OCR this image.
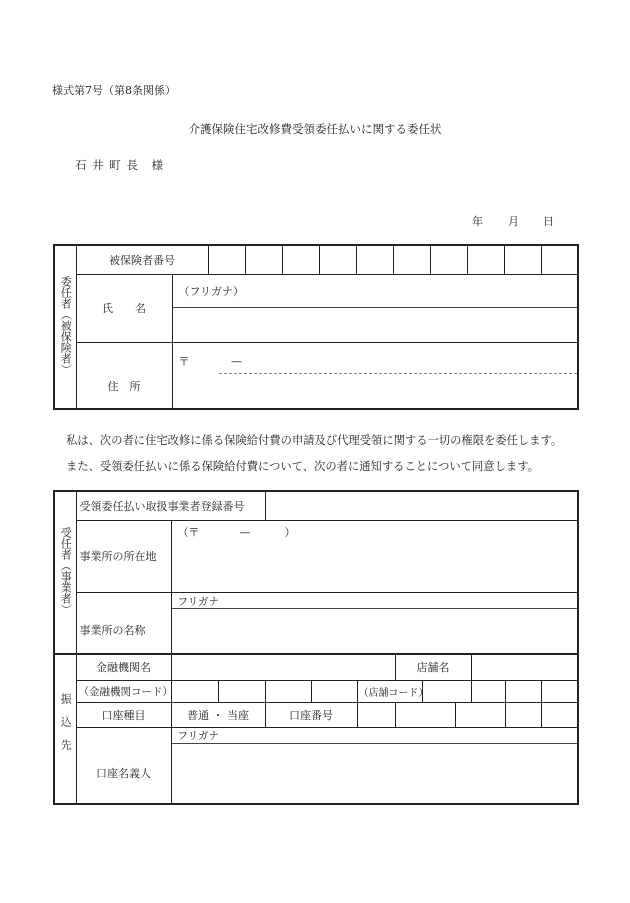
様式第7号（第8条関係）
介護保険住宅改修費受領委任払いに関する委任状
石 井 町 長　様
年 月 日
委任者（被保険者）	被保険者番号											
	氏　　名	（フリガナ）										

	住　所	〒 —										
私は、次の者に住宅改修に係る保険給付費の申請及び代理受領に関する一切の権限を委任します。
また、受領委任払いに係る保険給付費について、次の者に通知することについて同意します。
受任者（事業者）	受領委任払い取扱事業者登録番号												
	事業所の所在地	（〒 — ）											
	事業所の名称	フリガナ											

振込先	金融機関名						店舗名						
	（金融機関コード）					（店舗コード）							
	口座種目	普通 ・ 当座		口座番号									
	口座名義人	フリガナ											
